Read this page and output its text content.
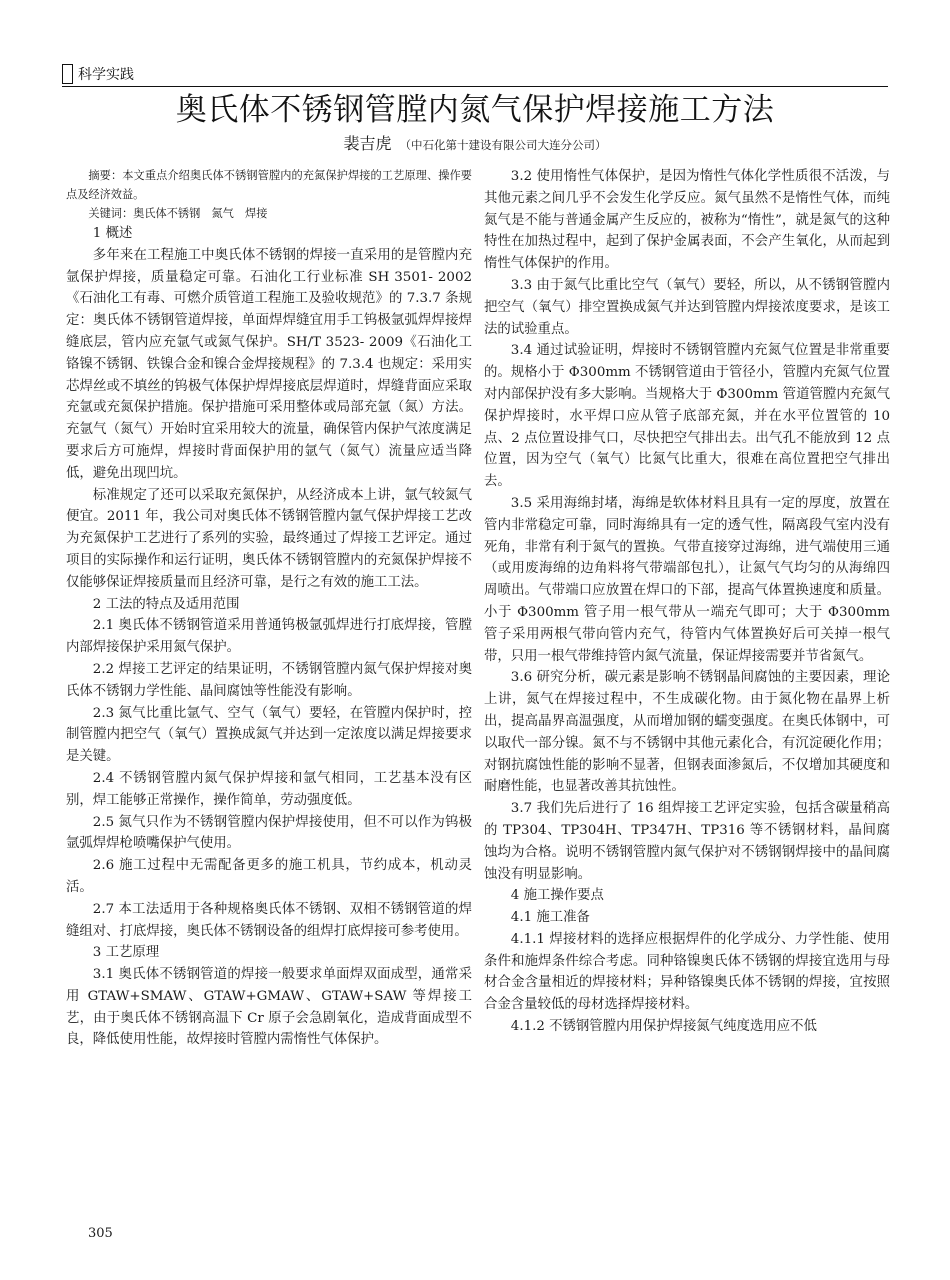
科学实践
奥氏体不锈钢管膛内氮气保护焊接施工方法
裴吉虎 （中石化第十建设有限公司大连分公司）

摘要：本文重点介绍奥氏体不锈钢管膛内的充氮保护焊接的工艺原理、操作要点及经济效益。

关键词：奥氏体不锈钢　氮气　焊接

1 概述

多年来在工程施工中奥氏体不锈钢的焊接一直采用的是管膛内充氩保护焊接，质量稳定可靠。石油化工行业标准 SH 3501- 2002《石油化工有毒、可燃介质管道工程施工及验收规范》的 7.3.7 条规定：奥氏体不锈钢管道焊接，单面焊焊缝宜用手工钨极氩弧焊焊接焊缝底层，管内应充氩气或氮气保护。SH/T 3523- 2009《石油化工铬镍不锈钢、铁镍合金和镍合金焊接规程》的 7.3.4 也规定：采用实芯焊丝或不填丝的钨极气体保护焊焊接底层焊道时，焊缝背面应采取充氩或充氮保护措施。保护措施可采用整体或局部充氩（氮）方法。充氩气（氮气）开始时宜采用较大的流量，确保管内保护气浓度满足要求后方可施焊，焊接时背面保护用的氩气（氮气）流量应适当降低，避免出现凹坑。

标准规定了还可以采取充氮保护，从经济成本上讲，氩气较氮气便宜。2011 年，我公司对奥氏体不锈钢管膛内氩气保护焊接工艺改为充氮保护工艺进行了系列的实验，最终通过了焊接工艺评定。通过项目的实际操作和运行证明，奥氏体不锈钢管膛内的充氮保护焊接不仅能够保证焊接质量而且经济可靠，是行之有效的施工工法。

2 工法的特点及适用范围

2.1 奥氏体不锈钢管道采用普通钨极氩弧焊进行打底焊接，管膛内部焊接保护采用氮气保护。

2.2 焊接工艺评定的结果证明，不锈钢管膛内氮气保护焊接对奥氏体不锈钢力学性能、晶间腐蚀等性能没有影响。

2.3 氮气比重比氩气、空气（氧气）要轻，在管膛内保护时，控制管膛内把空气（氧气）置换成氮气并达到一定浓度以满足焊接要求是关键。

2.4 不锈钢管膛内氮气保护焊接和氩气相同，工艺基本没有区别，焊工能够正常操作，操作简单，劳动强度低。

2.5 氮气只作为不锈钢管膛内保护焊接使用，但不可以作为钨极氩弧焊焊枪喷嘴保护气使用。

2.6 施工过程中无需配备更多的施工机具，节约成本，机动灵活。

2.7 本工法适用于各种规格奥氏体不锈钢、双相不锈钢管道的焊缝组对、打底焊接，奥氏体不锈钢设备的组焊打底焊接可参考使用。

3 工艺原理

3.1 奥氏体不锈钢管道的焊接一般要求单面焊双面成型，通常采用 GTAW+SMAW、GTAW+GMAW、GTAW+SAW 等焊接工艺，由于奥氏体不锈钢高温下 Cr 原子会急剧氧化，造成背面成型不良，降低使用性能，故焊接时管膛内需惰性气体保护。

3.2 使用惰性气体保护，是因为惰性气体化学性质很不活泼，与其他元素之间几乎不会发生化学反应。氮气虽然不是惰性气体，而纯氮气是不能与普通金属产生反应的，被称为“惰性”，就是氮气的这种特性在加热过程中，起到了保护金属表面，不会产生氧化，从而起到惰性气体保护的作用。

3.3 由于氮气比重比空气（氧气）要轻，所以，从不锈钢管膛内把空气（氧气）排空置换成氮气并达到管膛内焊接浓度要求，是该工法的试验重点。

3.4 通过试验证明，焊接时不锈钢管膛内充氮气位置是非常重要的。规格小于 Φ300mm 不锈钢管道由于管径小，管膛内充氮气位置对内部保护没有多大影响。当规格大于 Φ300mm 管道管膛内充氮气保护焊接时，水平焊口应从管子底部充氮，并在水平位置管的 10 点、2 点位置设排气口，尽快把空气排出去。出气孔不能放到 12 点位置，因为空气（氧气）比氮气比重大，很难在高位置把空气排出去。

3.5 采用海绵封堵，海绵是软体材料且具有一定的厚度，放置在管内非常稳定可靠，同时海绵具有一定的透气性，隔离段气室内没有死角，非常有利于氮气的置换。气带直接穿过海绵，进气端使用三通（或用废海绵的边角料将气带端部包扎），让氮气气均匀的从海绵四周喷出。气带端口应放置在焊口的下部，提高气体置换速度和质量。小于 Φ300mm 管子用一根气带从一端充气即可；大于 Φ300mm 管子采用两根气带向管内充气，待管内气体置换好后可关掉一根气带，只用一根气带维持管内氮气流量，保证焊接需要并节省氮气。

3.6 研究分析，碳元素是影响不锈钢晶间腐蚀的主要因素，理论上讲，氮气在焊接过程中，不生成碳化物。由于氮化物在晶界上析出，提高晶界高温强度，从而增加钢的蠕变强度。在奥氏体钢中，可以取代一部分镍。氮不与不锈钢中其他元素化合，有沉淀硬化作用；对钢抗腐蚀性能的影响不显著，但钢表面渗氮后，不仅增加其硬度和耐磨性能，也显著改善其抗蚀性。

3.7 我们先后进行了 16 组焊接工艺评定实验，包括含碳量稍高的 TP304、TP304H、TP347H、TP316 等不锈钢材料，晶间腐蚀均为合格。说明不锈钢管膛内氮气保护对不锈钢钢焊接中的晶间腐蚀没有明显影响。

4 施工操作要点

4.1 施工准备

4.1.1 焊接材料的选择应根据焊件的化学成分、力学性能、使用条件和施焊条件综合考虑。同种铬镍奥氏体不锈钢的焊接宜选用与母材合金含量相近的焊接材料；异种铬镍奥氏体不锈钢的焊接，宜按照合金含量较低的母材选择焊接材料。

4.1.2 不锈钢管膛内用保护焊接氮气纯度选用应不低

305
